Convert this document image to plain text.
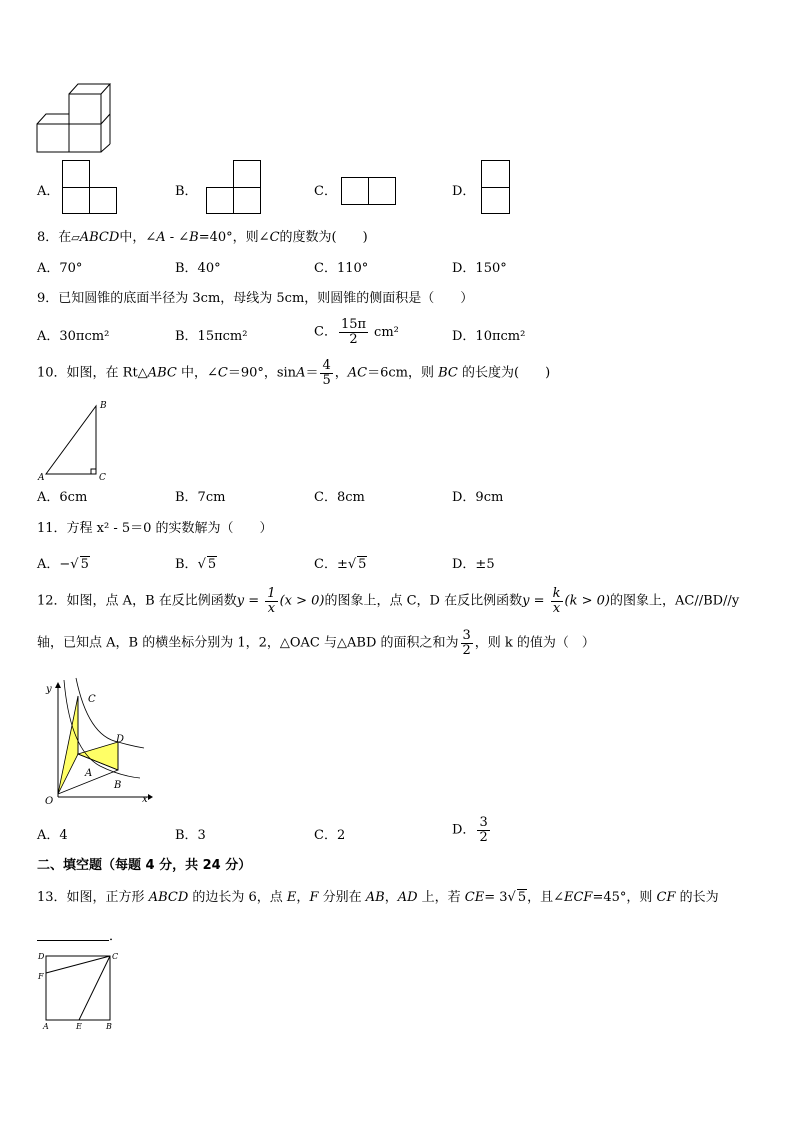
A．	B．	C．	D．
8．在▱ABCD中，∠A - ∠B=40°，则∠C的度数为(　　)
A．70°	B．40°	C．110°	D．150°
9．已知圆锥的底面半径为 3cm，母线为 5cm，则圆锥的侧面积是（　　）
A．30πcm²	B．15πcm²	C． $\frac{15\pi}{2} cm^2$	D．10πcm²
10．如图，在 Rt△ABC 中，∠C＝90°，$\sin A= \frac{4}{5}$ ，AC＝6cm，则 BC 的长度为(　　)
B
A	C
A．6cm	B．7cm	C．8cm	D．9cm
11．方程 x² - 5＝0 的实数解为（　　）
A．−√ 5	B．√ 5	C．±√ 5	D．±5
12．如图，点 A，B 在反比例函数$y = \frac{1}{x} (x > 0)$的图象上，点 C，D 在反比例函数$y = \frac{k}{x} (k > 0)$的图象上，AC//BD//y
轴，已知点 A，B 的横坐标分别为 1，2，△OAC 与△ABD 的面积之和为 $\frac{3}{2}$ ，则 k 的值为（　）
y
C
D
A
B
O	x
A．4	B．3	C．2	D． $\frac{3}{2}$
二、填空题（每题 4 分，共 24 分）
13．如图，正方形 ABCD 的边长为 6，点 E，F 分别在 AB，AD 上，若 CE= 3√ 5，且∠ECF=45°，则 CF 的长为
．
D	C
F
A	E	B
